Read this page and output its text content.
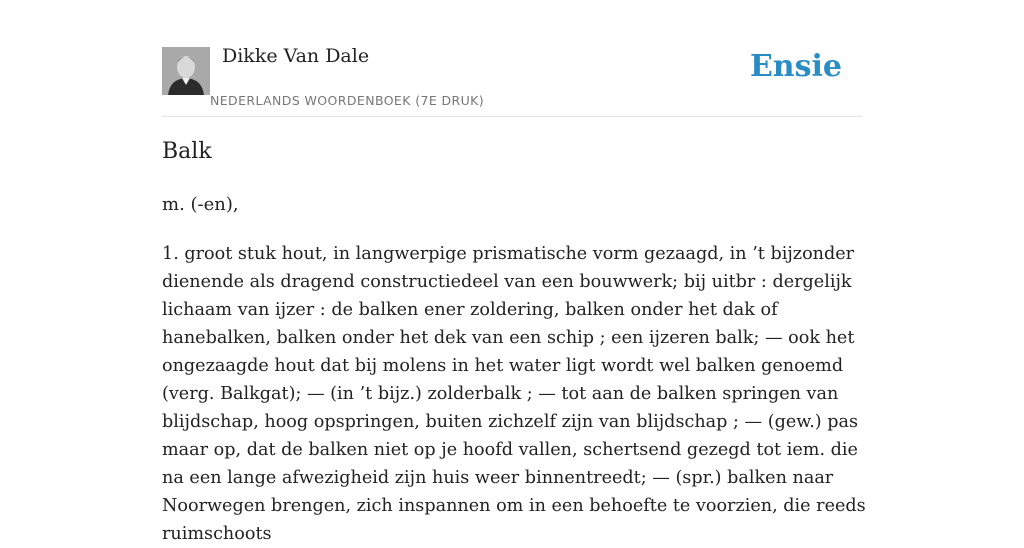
Dikke Van Dale
NEDERLANDS WOORDENBOEK (7E DRUK)
Ensie
Balk

m. (-en),

1. groot stuk hout, in langwerpige prismatische vorm gezaagd, in ’t bijzonder dienende als dragend constructiedeel van een bouwwerk; bij uitbr : dergelijk lichaam van ijzer : de balken ener zoldering, balken onder het dak of hanebalken, balken onder het dek van een schip ; een ijzeren balk; — ook het ongezaagde hout dat bij molens in het water ligt wordt wel balken genoemd (verg. Balkgat); — (in ’t bijz.) zolderbalk ; — tot aan de balken springen van blijdschap, hoog opspringen, buiten zichzelf zijn van blijdschap ; — (gew.) pas maar op, dat de balken niet op je hoofd vallen, schertsend gezegd tot iem. die na een lange afwezigheid zijn huis weer binnentreedt; — (spr.) balken naar Noorwegen brengen, zich inspannen om in een behoefte te voorzien, die reeds ruimschoots
